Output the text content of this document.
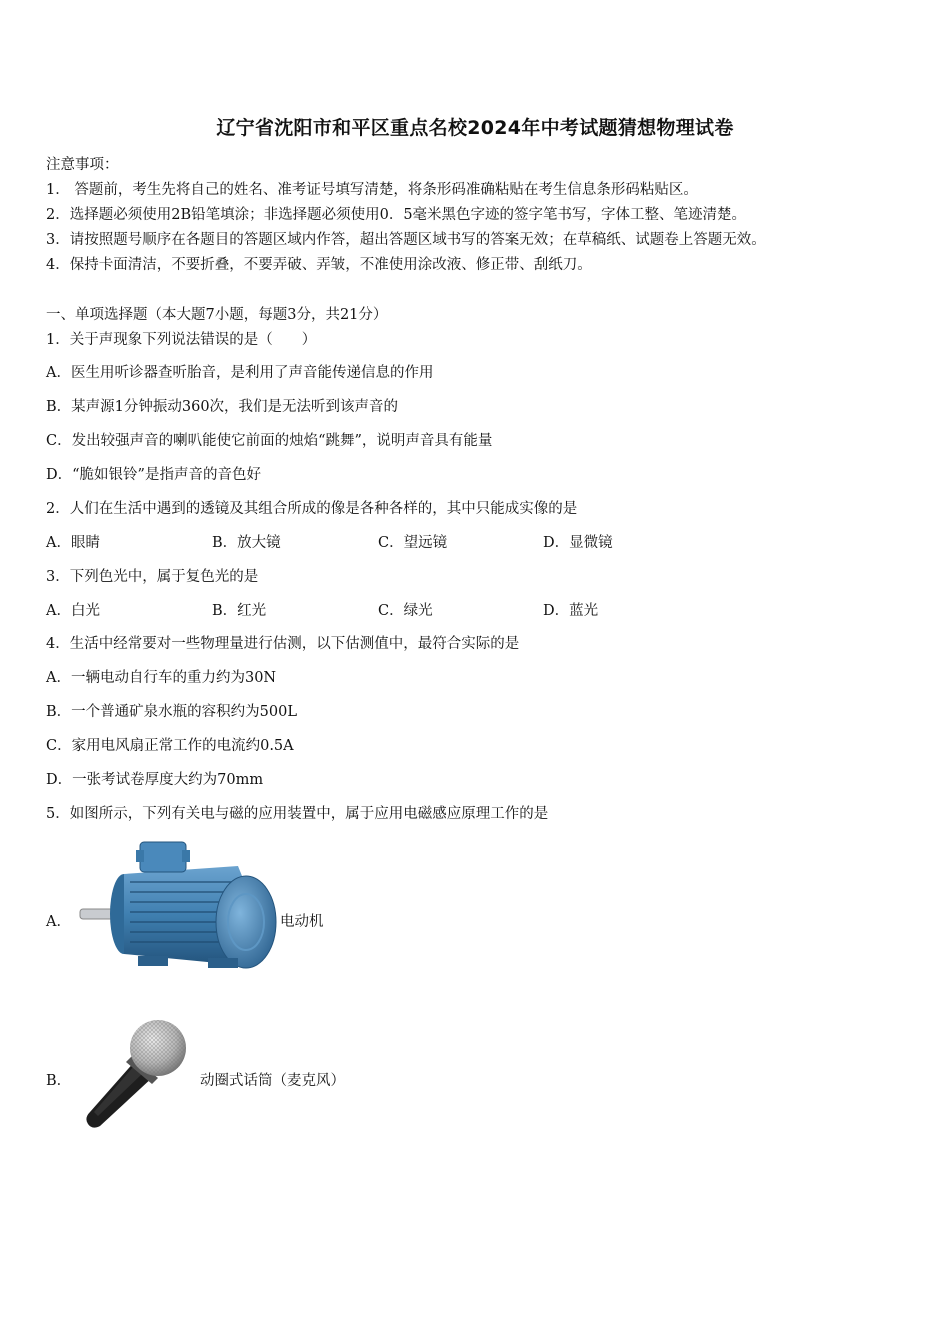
辽宁省沈阳市和平区重点名校2024年中考试题猜想物理试卷
注意事项：
1． 答题前，考生先将自己的姓名、准考证号填写清楚，将条形码准确粘贴在考生信息条形码粘贴区。
2．选择题必须使用2B铅笔填涂；非选择题必须使用0．5毫米黑色字迹的签字笔书写，字体工整、笔迹清楚。
3．请按照题号顺序在各题目的答题区域内作答，超出答题区域书写的答案无效；在草稿纸、试题卷上答题无效。
4．保持卡面清洁，不要折叠，不要弄破、弄皱，不准使用涂改液、修正带、刮纸刀。
一、单项选择题（本大题7小题，每题3分，共21分）
1．关于声现象下列说法错误的是（　　）
A．医生用听诊器查听胎音，是利用了声音能传递信息的作用
B．某声源1分钟振动360次，我们是无法听到该声音的
C．发出较强声音的喇叭能使它前面的烛焰“跳舞”，说明声音具有能量
D．“脆如银铃”是指声音的音色好
2．人们在生活中遇到的透镜及其组合所成的像是各种各样的，其中只能成实像的是
A．眼睛	B．放大镜	C．望远镜	D．显微镜
3．下列色光中，属于复色光的是
A．白光	B．红光	C．绿光	D．蓝光
4．生活中经常要对一些物理量进行估测，以下估测值中，最符合实际的是
A．一辆电动自行车的重力约为30N
B．一个普通矿泉水瓶的容积约为500L
C．家用电风扇正常工作的电流约0.5A
D．一张考试卷厚度大约为70mm
5．如图所示，下列有关电与磁的应用装置中，属于应用电磁感应原理工作的是
A．	电动机
B．	动圈式话筒（麦克风）
